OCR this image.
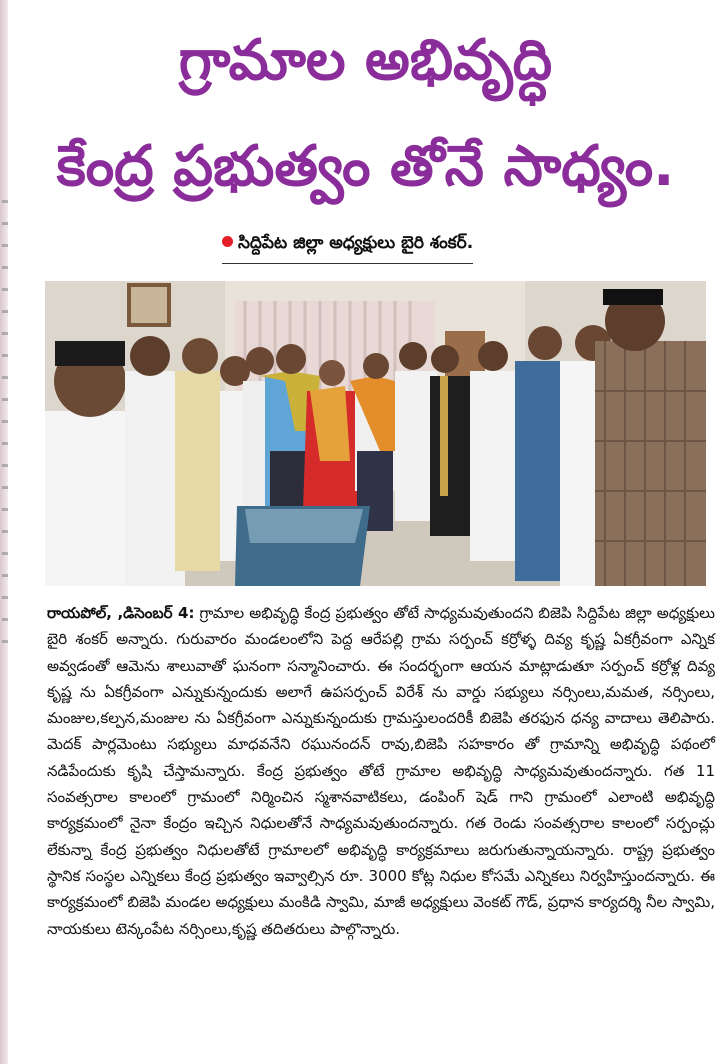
గ్రామాల అభివృద్ధి
కేంద్ర ప్రభుత్వం తోనే సాధ్యం.
సిద్దిపేట జిల్లా అధ్యక్షులు బైరి శంకర్.
రాయపోల్, ,డిసెంబర్ 4: గ్రామాల అభివృద్ధి కేంద్ర ప్రభుత్వం తోటే సాధ్యమవుతుందని బిజెపి సిద్దిపేట జిల్లా అధ్యక్షులు బైరి శంకర్ అన్నారు. గురువారం మండలంలోని పెద్ద ఆరేపల్లి గ్రామ సర్పంచ్ కర్రోళ్ళ దివ్య కృష్ణ ఏకగ్రీవంగా ఎన్నిక అవ్వడంతో ఆమెను శాలువాతో ఘనంగా సన్మానించారు. ఈ సందర్భంగా ఆయన మాట్లాడుతూ సర్పంచ్ కర్రోళ్ల దివ్య కృష్ణ ను ఏకగ్రీవంగా ఎన్నుకున్నందుకు అలాగే ఉపసర్పంచ్ విరేశ్ ను వార్డు సభ్యులు నర్సింలు,మమత, నర్సింలు, మంజుల,కల్పన,మంజుల ను ఏకగ్రీవంగా ఎన్నుకున్నందుకు గ్రామస్తులందరికీ బిజెపి తరఫున ధన్య వాదాలు తెలిపారు. మెదక్ పార్లమెంటు సభ్యులు మాధవనేని రఘునందన్ రావు,బిజెపి సహకారం తో గ్రామాన్ని అభివృద్ధి పథంలో నడిపేందుకు కృషి చేస్తామన్నారు. కేంద్ర ప్రభుత్వం తోటే గ్రామాల అభివృద్ధి సాధ్యమవుతుందన్నారు. గత 11 సంవత్సరాల కాలంలో గ్రామంలో నిర్మించిన స్మశానవాటికలు, డంపింగ్ షెడ్ గాని గ్రామంలో ఎలాంటి అభివృద్ధి కార్యక్రమంలో నైనా కేంద్రం ఇచ్చిన నిధులతోనే సాధ్యమవుతుందన్నారు. గత రెండు సంవత్సరాల కాలంలో సర్పంచ్లు లేకున్నా కేంద్ర ప్రభుత్వం నిధులతోటే గ్రామాలలో అభివృద్ధి కార్యక్రమాలు జరుగుతున్నాయన్నారు. రాష్ట్ర ప్రభుత్వం స్థానిక సంస్థల ఎన్నికలు కేంద్ర ప్రభుత్వం ఇవ్వాల్సిన రూ. 3000 కోట్ల నిధుల కోసమే ఎన్నికలు నిర్వహిస్తుందన్నారు. ఈ కార్యక్రమంలో బిజెపి మండల అధ్యక్షులు మంకిడి స్వామి, మాజీ అధ్యక్షులు వెంకట్ గౌడ్, ప్రధాన కార్యదర్శి నీల స్వామి, నాయకులు టెన్కంపేట నర్సింలు,కృష్ణ తదితరులు పాల్గొన్నారు.
